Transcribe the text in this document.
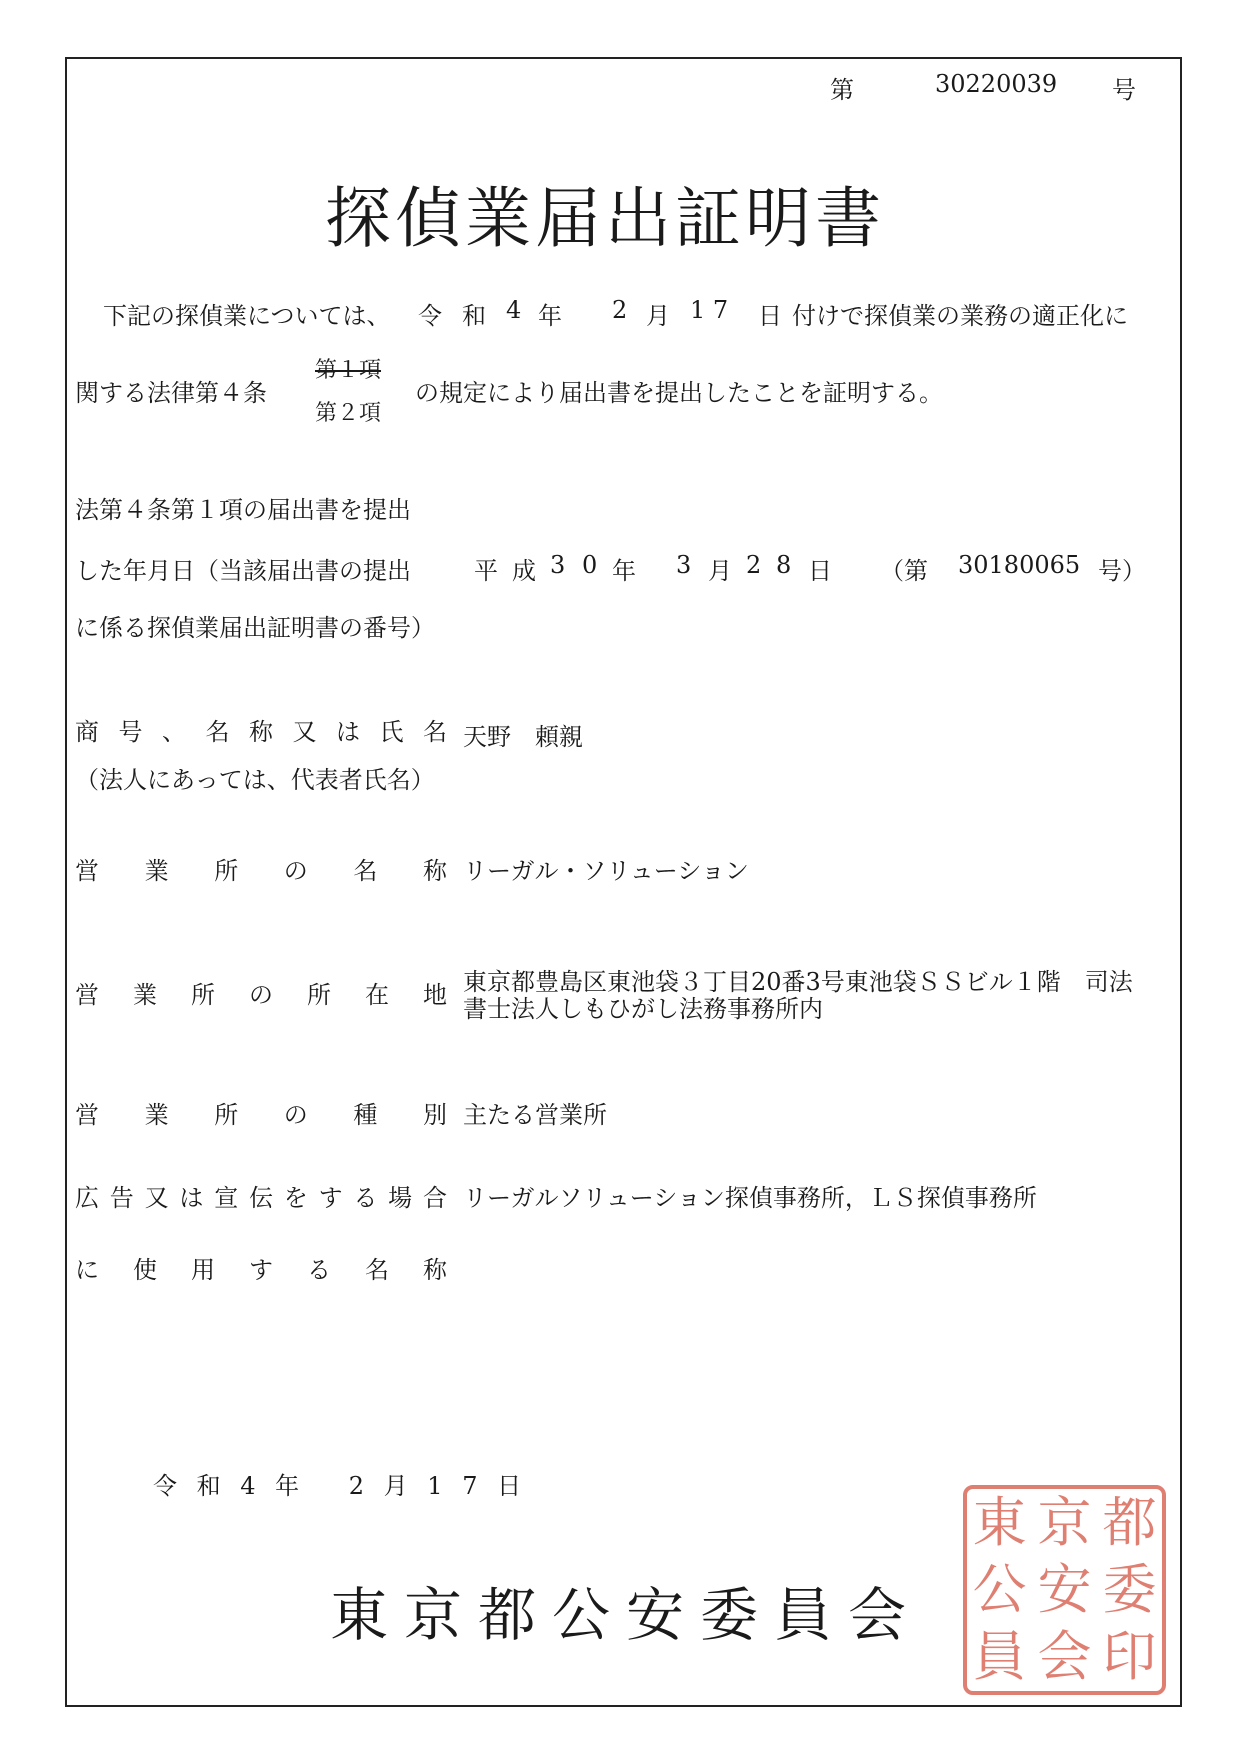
第	30220039 号
探偵業届出証明書
下記の探偵業については、 令 和 4 年 2 月 1 7 日 付けで探偵業の業務の適正化に
関する法律第４条
第１項
第２項
の規定により届出書を提出したことを証明する。
法第４条第１項の届出書を提出
した年月日（当該届出書の提出
に係る探偵業届出証明書の番号）
平 成 3 0 年 3 月 2 8 日 （第 30180065 号）
商 号 、 名 称 又 は 氏 名
（法人にあっては、代表者氏名）
天野　頼親
営 業 所 の 名 称 リーガル・ソリューション
営 業 所 の 所 在 地 東京都豊島区東池袋３丁目20番3号東池袋ＳＳビル１階　司法
書士法人しもひがし法務事務所内
営 業 所 の 種 別 主たる営業所
広 告 又 は 宣 伝 を す る 場 合
に 使 用 す る 名 称
リーガルソリューション探偵事務所，ＬＳ探偵事務所
令 和 4 年　 2 月 1 7 日
東京都公安委員会
東 京 都
公 安 委
員 会 印
